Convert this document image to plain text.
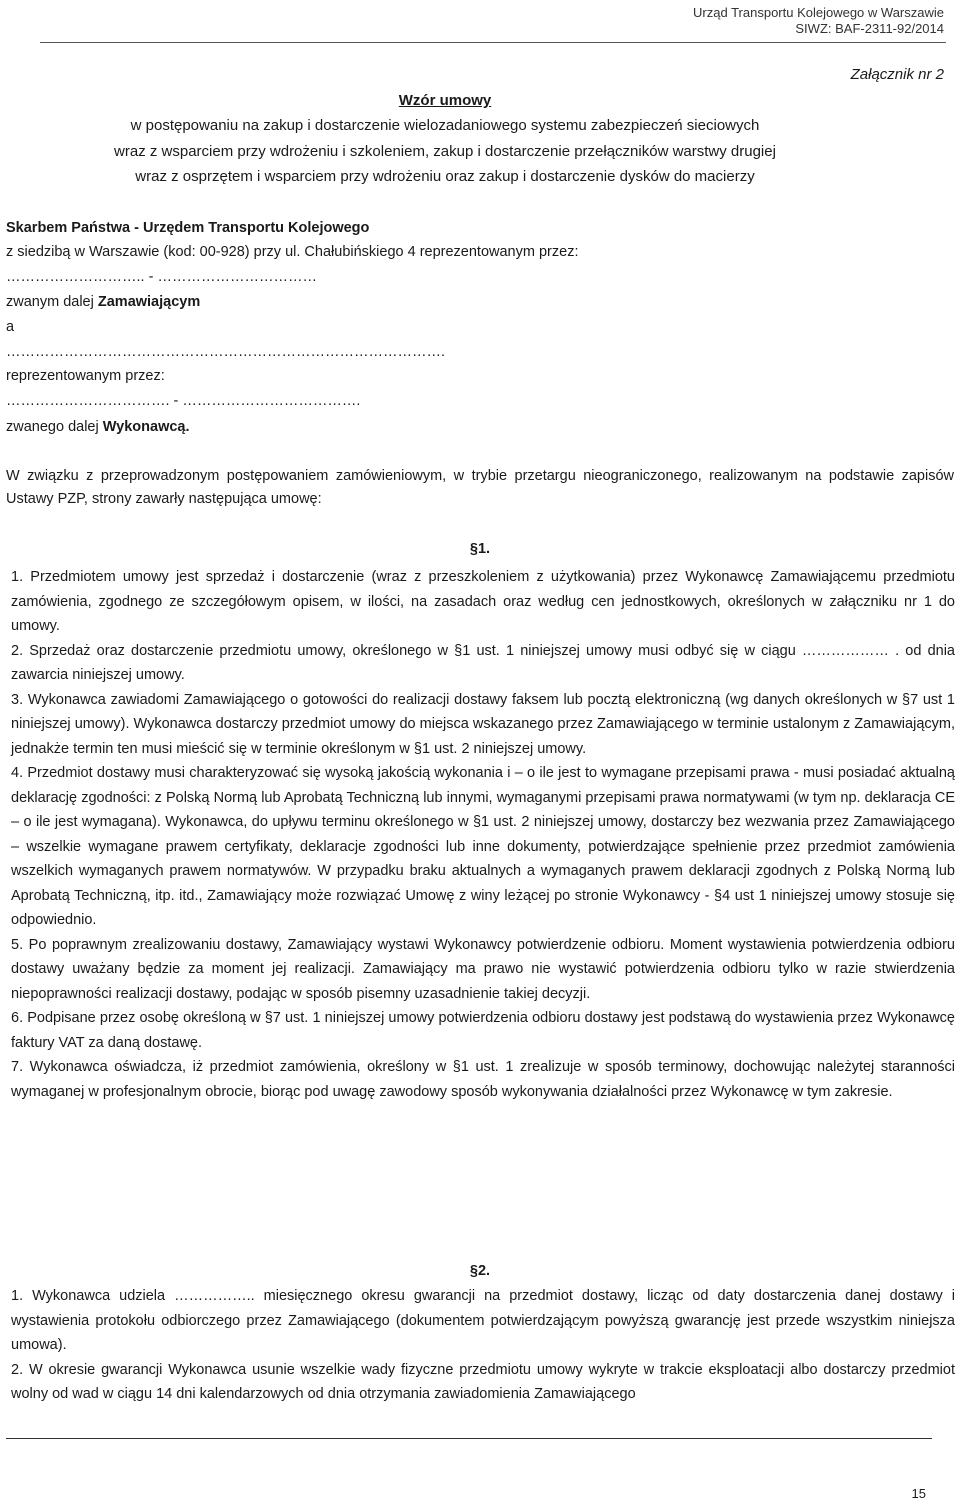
Urząd Transportu Kolejowego w Warszawie
SIWZ: BAF-2311-92/2014
Załącznik nr 2
Wzór umowy
w postępowaniu na zakup i dostarczenie wielozadaniowego systemu zabezpieczeń sieciowych
wraz z wsparciem przy wdrożeniu i szkoleniem, zakup i dostarczenie przełączników warstwy drugiej
wraz z osprzętem i wsparciem przy wdrożeniu oraz zakup i dostarczenie dysków do macierzy
Skarbem Państwa - Urzędem Transportu Kolejowego
z siedzibą w Warszawie (kod: 00-928) przy ul. Chałubińskiego 4 reprezentowanym przez:
……………………….. - ……………………………
zwanym dalej Zamawiającym
a
……………………………………………………………………………….
reprezentowanym przez:
……………………………. - ……………………………….
zwanego dalej Wykonawcą.
W związku z przeprowadzonym postępowaniem zamówieniowym, w trybie przetargu nieograniczonego, realizowanym na podstawie zapisów Ustawy PZP, strony zawarły następująca umowę:
§1.
1. Przedmiotem umowy jest sprzedaż i dostarczenie (wraz z przeszkoleniem z użytkowania) przez Wykonawcę Zamawiającemu przedmiotu zamówienia, zgodnego ze szczegółowym opisem, w ilości, na zasadach oraz według cen jednostkowych, określonych w załączniku nr 1 do umowy.
2. Sprzedaż oraz dostarczenie przedmiotu umowy, określonego w §1 ust. 1 niniejszej umowy musi odbyć się w ciągu ……………… . od dnia zawarcia niniejszej umowy.
3. Wykonawca zawiadomi Zamawiającego o gotowości do realizacji dostawy faksem lub pocztą elektroniczną (wg danych określonych w §7 ust 1 niniejszej umowy). Wykonawca dostarczy przedmiot umowy do miejsca wskazanego przez Zamawiającego w terminie ustalonym z Zamawiającym, jednakże termin ten musi mieścić się w terminie określonym w §1 ust. 2 niniejszej umowy.
4. Przedmiot dostawy musi charakteryzować się wysoką jakością wykonania i – o ile jest to wymagane przepisami prawa - musi posiadać aktualną deklarację zgodności: z Polską Normą lub Aprobatą Techniczną lub innymi, wymaganymi przepisami prawa normatywami (w tym np. deklaracja CE – o ile jest wymagana). Wykonawca, do upływu terminu określonego w §1 ust. 2 niniejszej umowy, dostarczy bez wezwania przez Zamawiającego – wszelkie wymagane prawem certyfikaty, deklaracje zgodności lub inne dokumenty, potwierdzające spełnienie przez przedmiot zamówienia wszelkich wymaganych prawem normatywów. W przypadku braku aktualnych a wymaganych prawem deklaracji zgodnych z Polską Normą lub Aprobatą Techniczną, itp. itd., Zamawiający może rozwiązać Umowę z winy leżącej po stronie Wykonawcy - §4 ust 1 niniejszej umowy stosuje się odpowiednio.
5. Po poprawnym zrealizowaniu dostawy, Zamawiający wystawi Wykonawcy potwierdzenie odbioru. Moment wystawienia potwierdzenia odbioru dostawy uważany będzie za moment jej realizacji. Zamawiający ma prawo nie wystawić potwierdzenia odbioru tylko w razie stwierdzenia niepoprawności realizacji dostawy, podając w sposób pisemny uzasadnienie takiej decyzji.
6. Podpisane przez osobę określoną w §7 ust. 1 niniejszej umowy potwierdzenia odbioru dostawy jest podstawą do wystawienia przez Wykonawcę faktury VAT za daną dostawę.
7. Wykonawca oświadcza, iż przedmiot zamówienia, określony w §1 ust. 1 zrealizuje w sposób terminowy, dochowując należytej staranności wymaganej w profesjonalnym obrocie, biorąc pod uwagę zawodowy sposób wykonywania działalności przez Wykonawcę w tym zakresie.
§2.
1. Wykonawca udziela …………….. miesięcznego okresu gwarancji na przedmiot dostawy, licząc od daty dostarczenia danej dostawy i wystawienia protokołu odbiorczego przez Zamawiającego (dokumentem potwierdzającym powyższą gwarancję jest przede wszystkim niniejsza umowa).
2. W okresie gwarancji Wykonawca usunie wszelkie wady fizyczne przedmiotu umowy wykryte w trakcie eksploatacji albo dostarczy przedmiot wolny od wad w ciągu 14 dni kalendarzowych od dnia otrzymania zawiadomienia Zamawiającego
15
